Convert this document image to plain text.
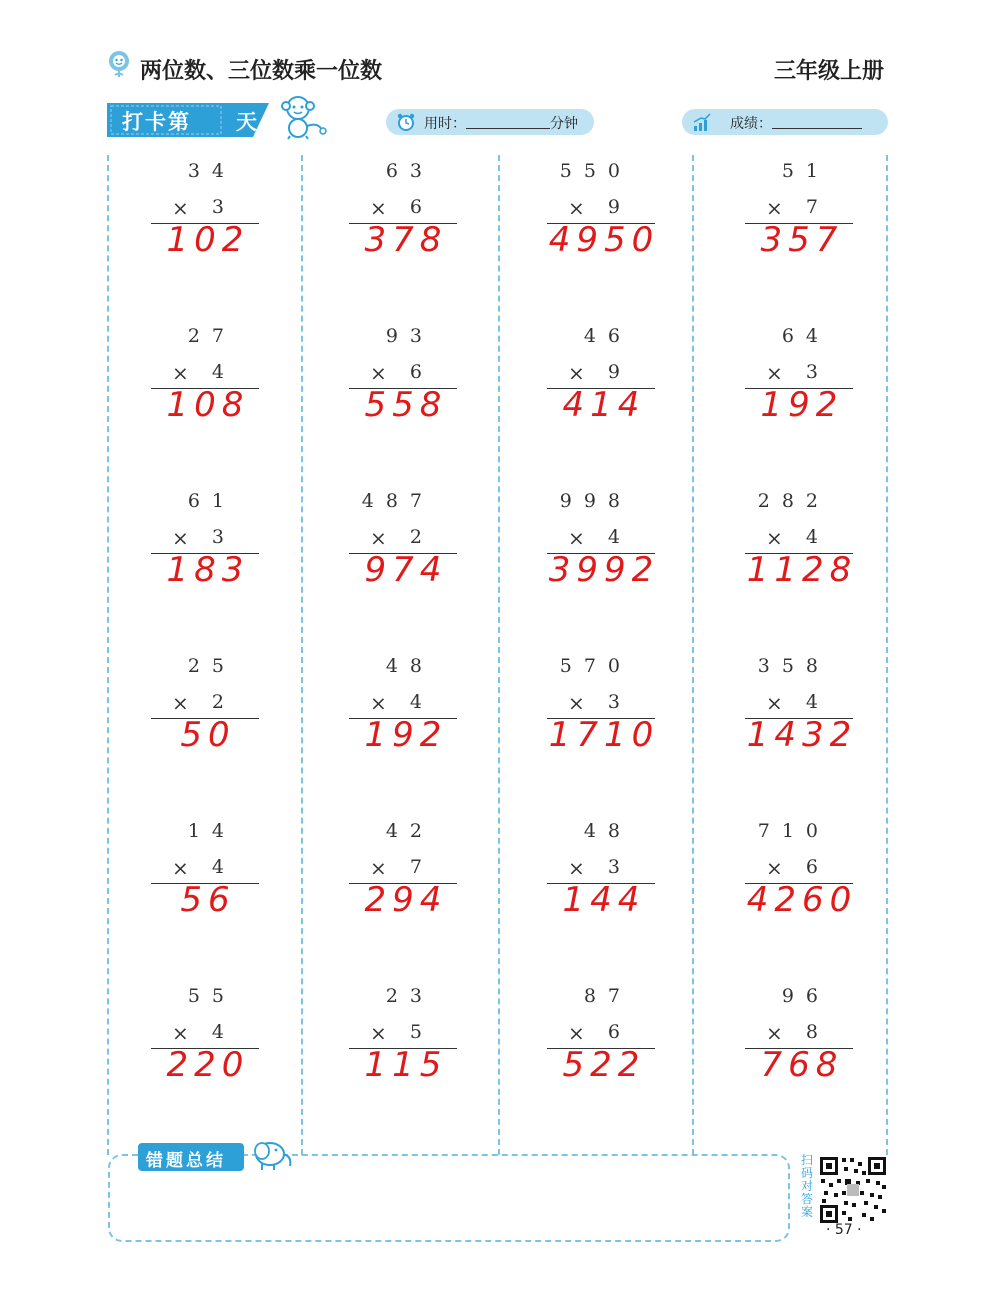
两位数、三位数乘一位数	三年级上册
打卡第 天	用时：	分钟	成绩：
34
× 3
102
27
× 4
108
61
× 3
183
25
× 2
50
14
× 4
56
55
× 4
220
63
× 6
378
93
× 6
558
487
× 2
974
48
× 4
192
42
× 7
294
23
× 5
115
550
× 9
4950
46
× 9
414
998
× 4
3992
570
× 3
1710
48
× 3
144
87
× 6
522
51
× 7
357
64
× 3
192
282
× 4
1128
358
× 4
1432
710
× 6
4260
96
× 8
768
错题总结	扫码对答案
· 57 ·
